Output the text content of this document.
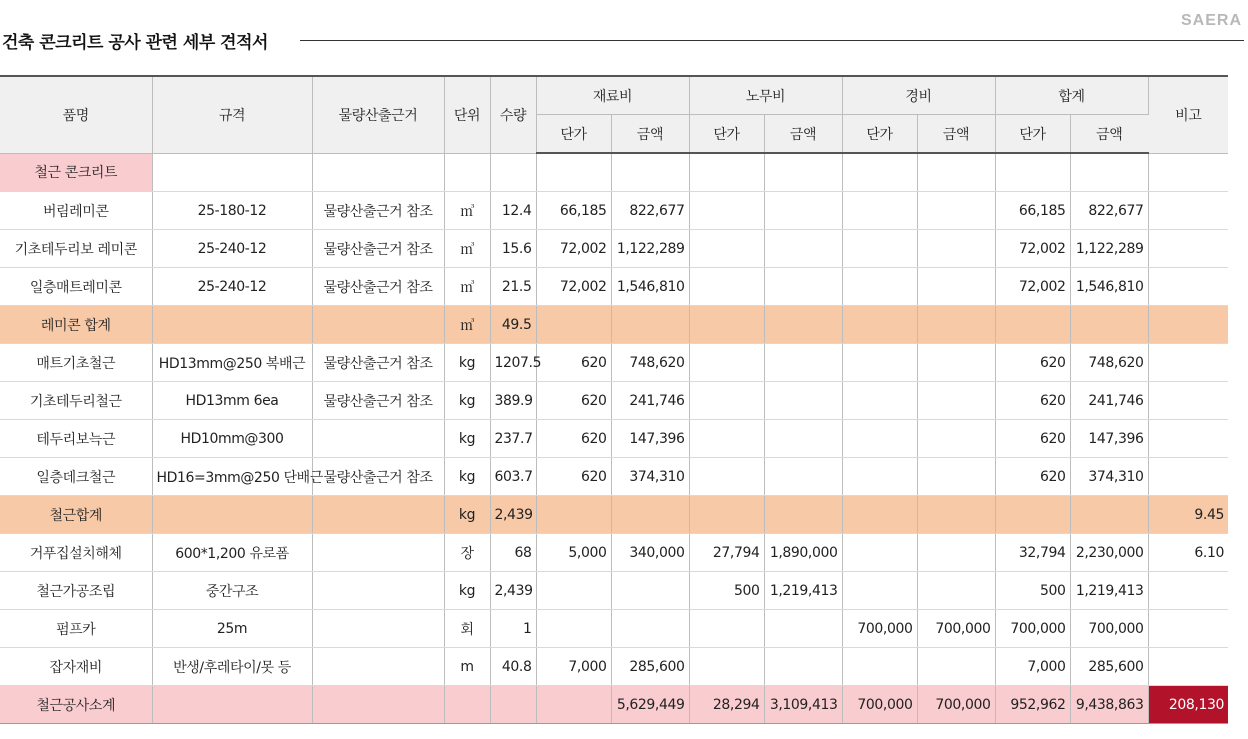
건축 콘크리트 공사 관련 세부 견적서
SAERA
품명	규격	물량산출근거	단위	수량	재료비		노무비		경비		합계		비고
					단가	금액	단가	금액	단가	금액	단가	금액	
철근 콘크리트													
버림레미콘	25-180-12	물량산출근거 참조	㎥	12.4	66,185	822,677					66,185	822,677	
기초테두리보 레미콘	25-240-12	물량산출근거 참조	㎥	15.6	72,002	1,122,289					72,002	1,122,289	
일층매트레미콘	25-240-12	물량산출근거 참조	㎥	21.5	72,002	1,546,810					72,002	1,546,810	
레미콘 합계			㎥	49.5									
매트기초철근	HD13mm@250 복배근	물량산출근거 참조	kg	1207.5	620	748,620					620	748,620	
기초테두리철근	HD13mm 6ea	물량산출근거 참조	kg	389.9	620	241,746					620	241,746	
테두리보늑근	HD10mm@300		kg	237.7	620	147,396					620	147,396	
일층데크철근	HD16=3mm@250 단배근	물량산출근거 참조	kg	603.7	620	374,310					620	374,310	
철근합계			kg	2,439									9.45
거푸집설치해체	600*1,200 유로폼		장	68	5,000	340,000	27,794	1,890,000			32,794	2,230,000	6.10
철근가공조립	중간구조		kg	2,439			500	1,219,413			500	1,219,413	
펌프카	25m		회	1					700,000	700,000	700,000	700,000	
잡자재비	반생/후레타이/못 등		m	40.8	7,000	285,600					7,000	285,600	
철근공사소계						5,629,449	28,294	3,109,413	700,000	700,000	952,962	9,438,863	208,130
